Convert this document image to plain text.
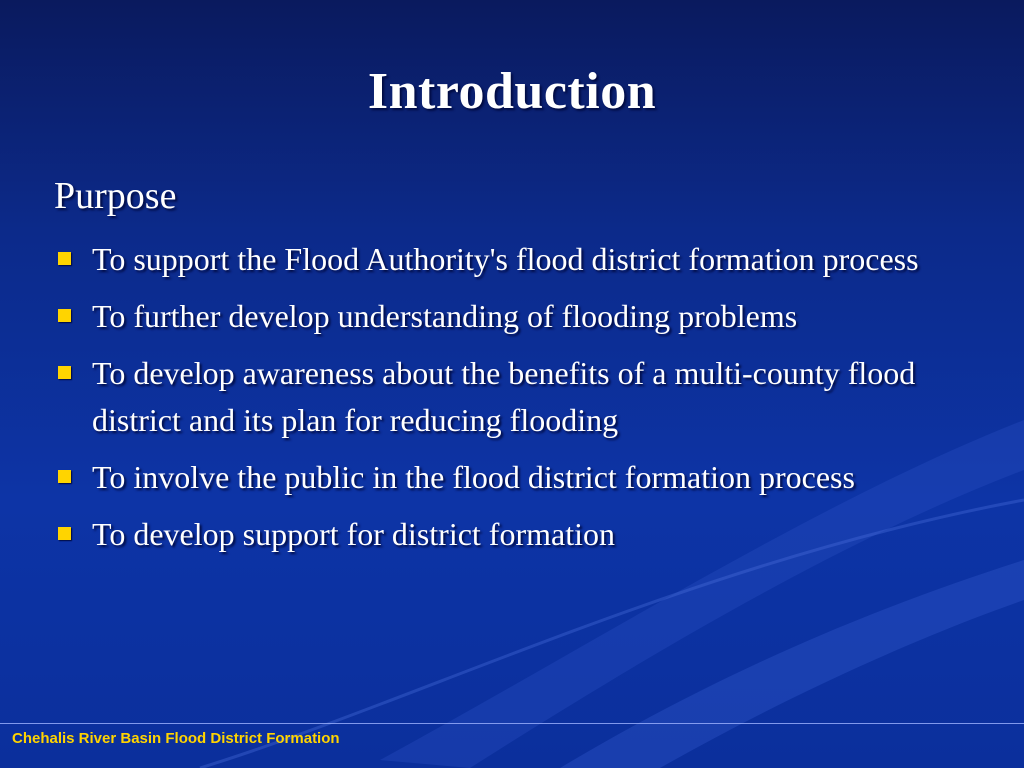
Introduction
Purpose
To support the Flood Authority's flood district formation process
To further develop understanding of flooding problems
To develop awareness about the benefits of a multi-county flood district and its plan for reducing flooding
To involve the public in the flood district formation process
To develop support for district formation
Chehalis River Basin Flood District Formation
